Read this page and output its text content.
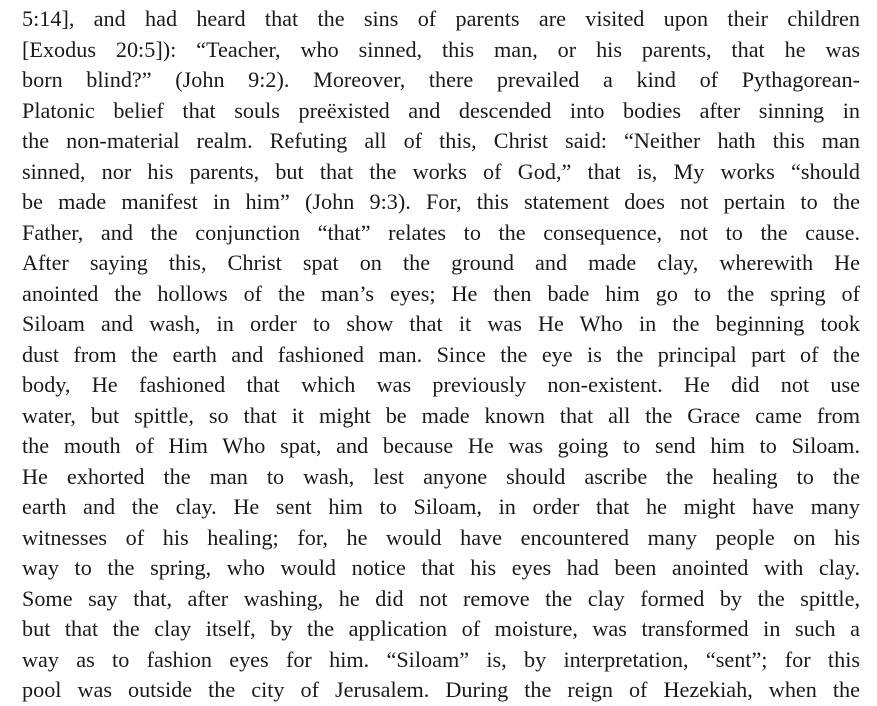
5:14], and had heard that the sins of parents are visited upon their children
[Exodus 20:5]): “Teacher, who sinned, this man, or his parents, that he was
born blind?” (John 9:2). Moreover, there prevailed a kind of Pythagorean-
Platonic belief that souls preëxisted and descended into bodies after sinning in
the non-material realm. Refuting all of this, Christ said: “Neither hath this man
sinned, nor his parents, but that the works of God,” that is, My works “should
be made manifest in him” (John 9:3). For, this statement does not pertain to the
Father, and the conjunction “that” relates to the consequence, not to the cause.
After saying this, Christ spat on the ground and made clay, wherewith He
anointed the hollows of the man’s eyes; He then bade him go to the spring of
Siloam and wash, in order to show that it was He Who in the beginning took
dust from the earth and fashioned man. Since the eye is the principal part of the
body, He fashioned that which was previously non-existent. He did not use
water, but spittle, so that it might be made known that all the Grace came from
the mouth of Him Who spat, and because He was going to send him to Siloam.
He exhorted the man to wash, lest anyone should ascribe the healing to the
earth and the clay. He sent him to Siloam, in order that he might have many
witnesses of his healing; for, he would have encountered many people on his
way to the spring, who would notice that his eyes had been anointed with clay.
Some say that, after washing, he did not remove the clay formed by the spittle,
but that the clay itself, by the application of moisture, was transformed in such a
way as to fashion eyes for him. “Siloam” is, by interpretation, “sent”; for this
pool was outside the city of Jerusalem. During the reign of Hezekiah, when the
